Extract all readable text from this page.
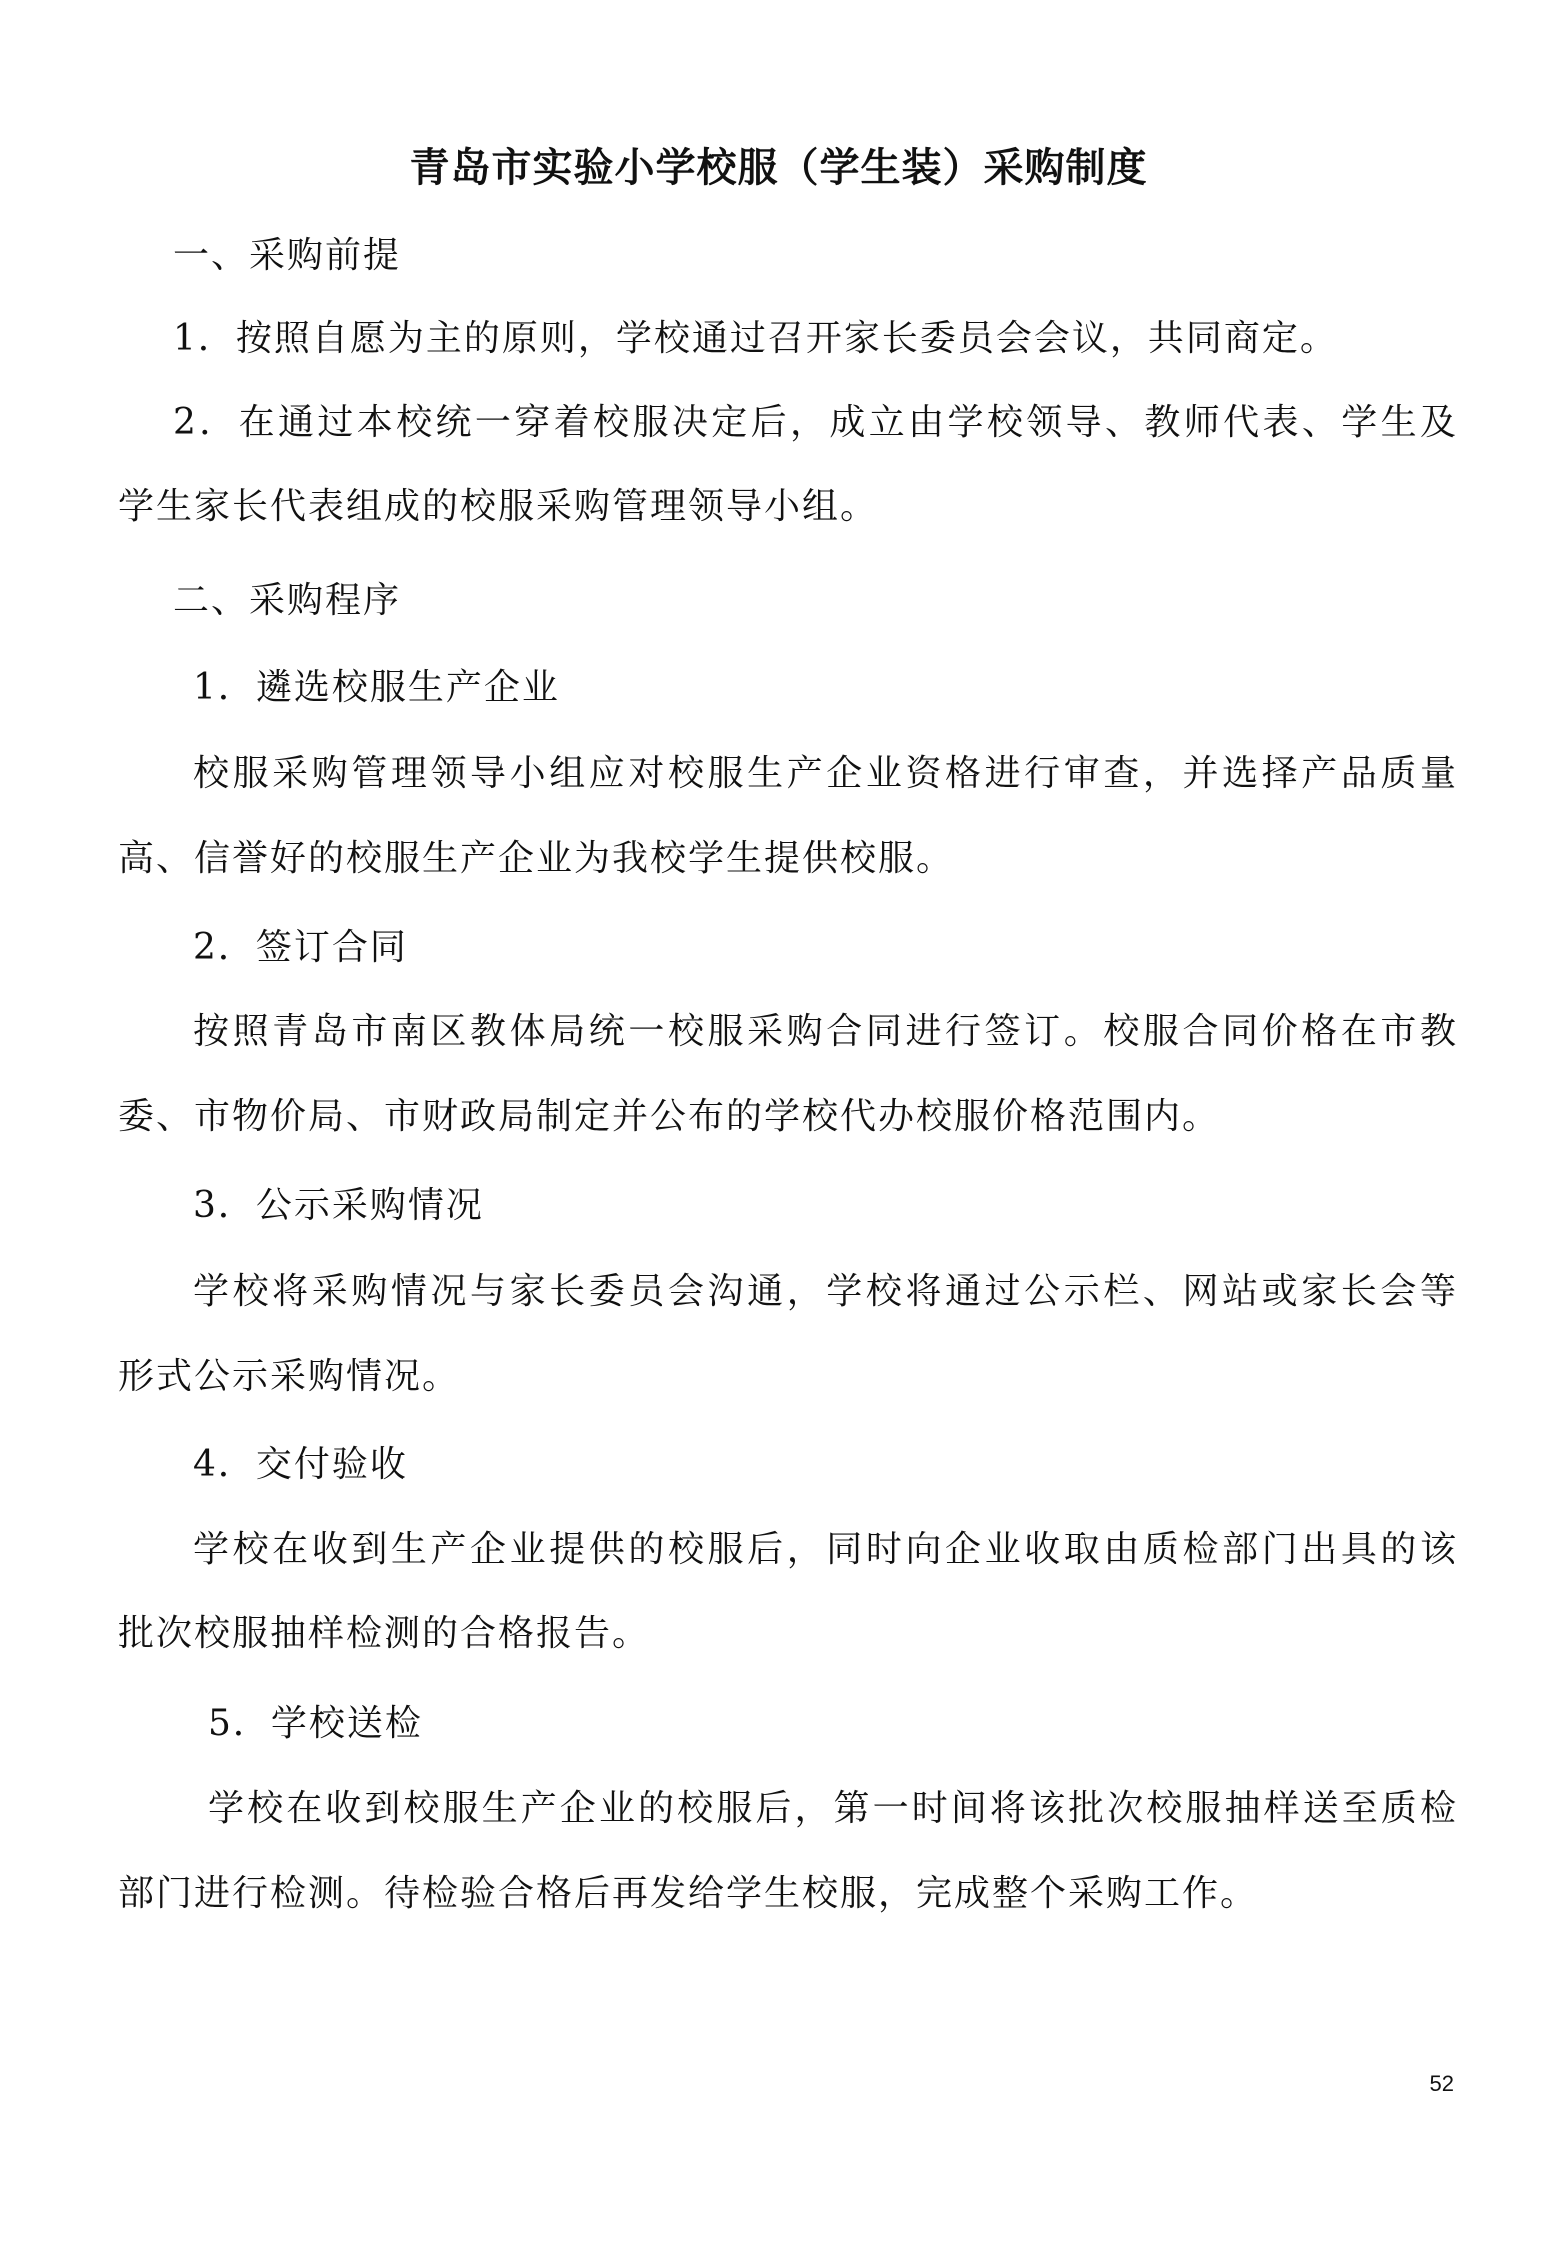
青岛市实验小学校服（学生装）采购制度
一、采购前提
1．按照自愿为主的原则，学校通过召开家长委员会会议，共同商定。
2．在通过本校统一穿着校服决定后，成立由学校领导、教师代表、学生及
学生家长代表组成的校服采购管理领导小组。
二、采购程序
1．遴选校服生产企业
校服采购管理领导小组应对校服生产企业资格进行审查，并选择产品质量
高、信誉好的校服生产企业为我校学生提供校服。
2．签订合同
按照青岛市南区教体局统一校服采购合同进行签订。校服合同价格在市教
委、市物价局、市财政局制定并公布的学校代办校服价格范围内。
3．公示采购情况
学校将采购情况与家长委员会沟通，学校将通过公示栏、网站或家长会等
形式公示采购情况。
4．交付验收
学校在收到生产企业提供的校服后，同时向企业收取由质检部门出具的该
批次校服抽样检测的合格报告。
5．学校送检
学校在收到校服生产企业的校服后，第一时间将该批次校服抽样送至质检
部门进行检测。待检验合格后再发给学生校服，完成整个采购工作。
52
